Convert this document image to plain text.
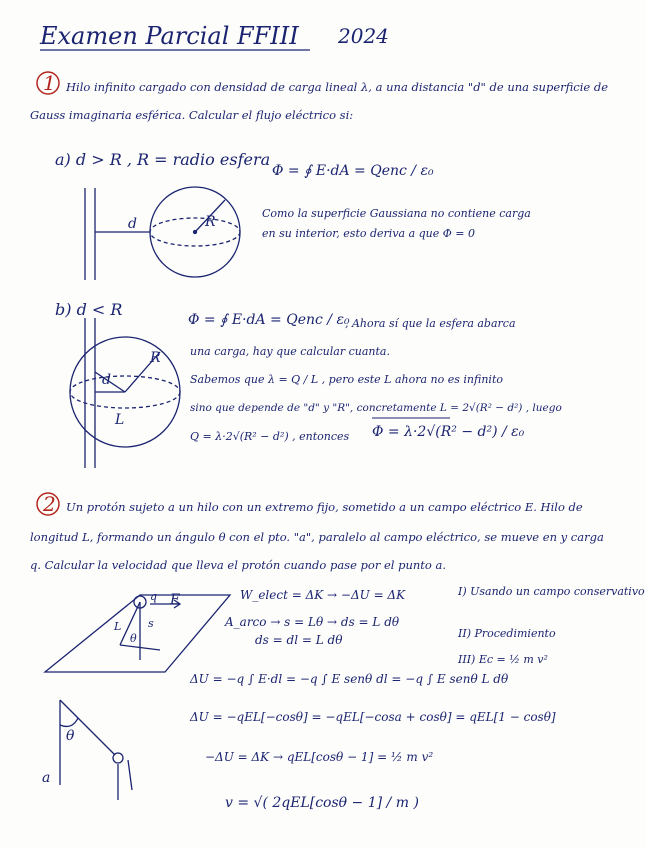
Examen Parcial FFIII 2024
1 Hilo infinito cargado con densidad de carga lineal λ, a una distancia "d" de una superficie de
Gauss imaginaria esférica. Calcular el flujo eléctrico si:
a) d > R , R = radio esfera
Φ = ∮ E·dA = Qenc / ε₀
Como la superficie Gaussiana no contiene carga
en su interior, esto deriva a que Φ = 0
d	R
b) d < R
Φ = ∮ E·dA = Qenc / ε₀
, Ahora sí que la esfera abarca
una carga, hay que calcular cuanta.
Sabemos que λ = Q / L , pero este L ahora no es infinito
sino que depende de "d" y "R", concretamente L = 2√(R² − d²) , luego
Q = λ·2√(R² − d²) , entonces Φ = λ·2√(R² − d²) / ε₀
R
d
L
2 Un protón sujeto a un hilo con un extremo fijo, sometido a un campo eléctrico E. Hilo de
longitud L, formando un ángulo θ con el pto. "a", paralelo al campo eléctrico, se mueve en y carga
q. Calcular la velocidad que lleva el protón cuando pase por el punto a.
W_elect = ΔK → −ΔU = ΔK
A_arco → s = Lθ → ds = L dθ
ds = dl = L dθ
ΔU = −q ∫ E·dl = −q ∫ E senθ dl = −q ∫ E senθ L dθ
ΔU = −qEL[−cosθ] = −qEL[−cosa + cosθ] = qEL[1 − cosθ]
−ΔU = ΔK → qEL[cosθ − 1] = ½ m v²
v = √( 2qEL[cosθ − 1] / m )
I) Usando un campo conservativo
II) Procedimiento
III) Ec = ½ m v²
E
L
θ
s
q
a
θ
